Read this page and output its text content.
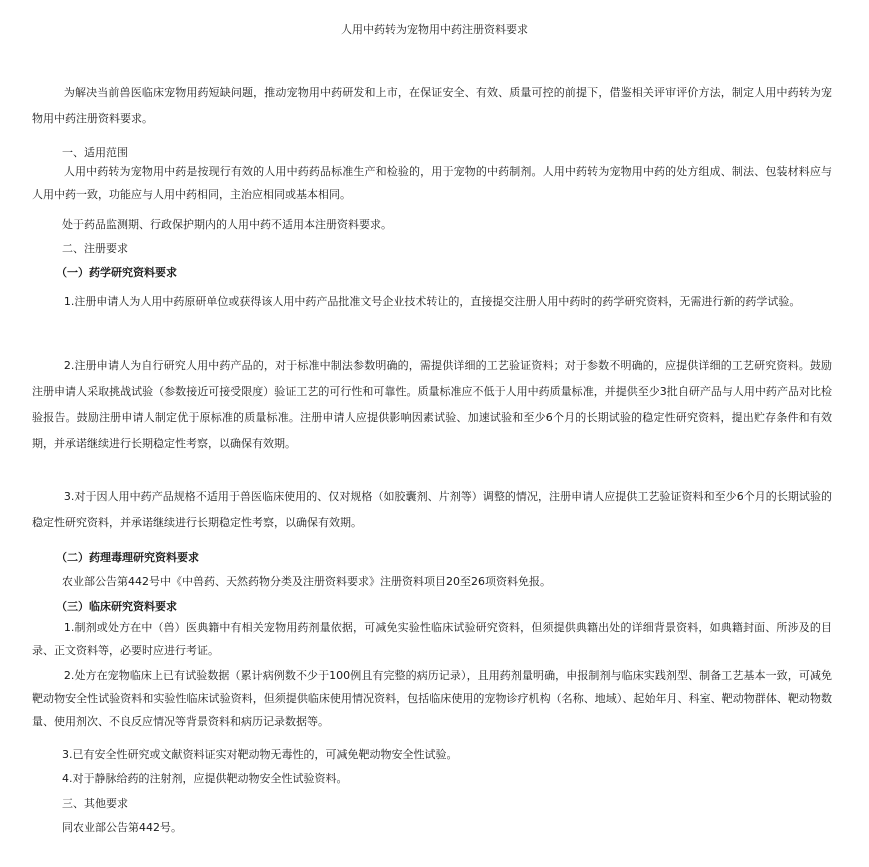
人用中药转为宠物用中药注册资料要求

为解决当前兽医临床宠物用药短缺问题，推动宠物用中药研发和上市，在保证安全、有效、质量可控的前提下，借鉴相关评审评价方法，制定人用中药转为宠物用中药注册资料要求。

一、适用范围

人用中药转为宠物用中药是按现行有效的人用中药药品标准生产和检验的，用于宠物的中药制剂。人用中药转为宠物用中药的处方组成、制法、包装材料应与人用中药一致，功能应与人用中药相同，主治应相同或基本相同。

处于药品监测期、行政保护期内的人用中药不适用本注册资料要求。

二、注册要求

（一）药学研究资料要求

1.注册申请人为人用中药原研单位或获得该人用中药产品批准文号企业技术转让的，直接提交注册人用中药时的药学研究资料，无需进行新的药学试验。

2.注册申请人为自行研究人用中药产品的，对于标准中制法参数明确的，需提供详细的工艺验证资料；对于参数不明确的，应提供详细的工艺研究资料。鼓励注册申请人采取挑战试验（参数接近可接受限度）验证工艺的可行性和可靠性。质量标准应不低于人用中药质量标准，并提供至少3批自研产品与人用中药产品对比检验报告。鼓励注册申请人制定优于原标准的质量标准。注册申请人应提供影响因素试验、加速试验和至少6个月的长期试验的稳定性研究资料，提出贮存条件和有效期，并承诺继续进行长期稳定性考察，以确保有效期。

3.对于因人用中药产品规格不适用于兽医临床使用的、仅对规格（如胶囊剂、片剂等）调整的情况，注册申请人应提供工艺验证资料和至少6个月的长期试验的稳定性研究资料，并承诺继续进行长期稳定性考察，以确保有效期。

（二）药理毒理研究资料要求

农业部公告第442号中《中兽药、天然药物分类及注册资料要求》注册资料项目20至26项资料免报。

（三）临床研究资料要求

1.制剂或处方在中（兽）医典籍中有相关宠物用药剂量依据，可减免实验性临床试验研究资料，但须提供典籍出处的详细背景资料，如典籍封面、所涉及的目录、正文资料等，必要时应进行考证。

2.处方在宠物临床上已有试验数据（累计病例数不少于100例且有完整的病历记录），且用药剂量明确，申报制剂与临床实践剂型、制备工艺基本一致，可减免靶动物安全性试验资料和实验性临床试验资料，但须提供临床使用情况资料，包括临床使用的宠物诊疗机构（名称、地域）、起始年月、科室、靶动物群体、靶动物数量、使用剂次、不良反应情况等背景资料和病历记录数据等。

3.已有安全性研究或文献资料证实对靶动物无毒性的，可减免靶动物安全性试验。

4.对于静脉给药的注射剂，应提供靶动物安全性试验资料。

三、其他要求

同农业部公告第442号。
